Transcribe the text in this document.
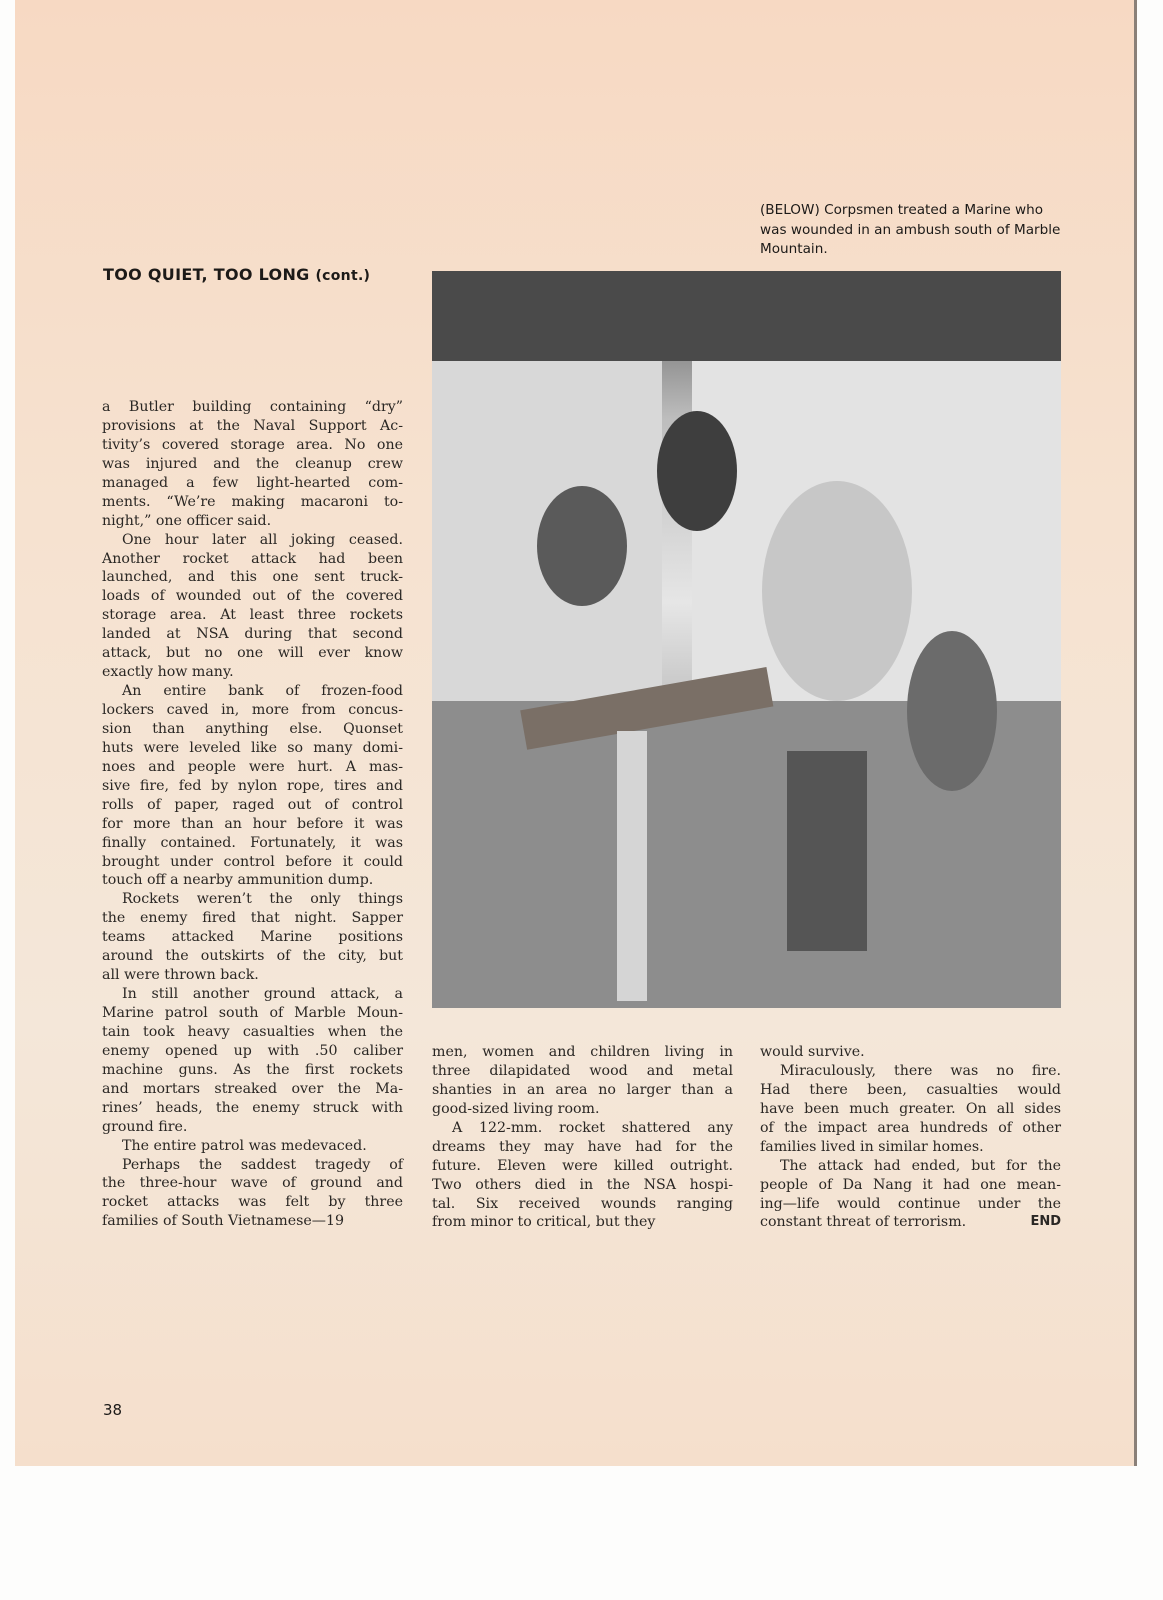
(BELOW) Corpsmen treated a Marine who was wounded in an ambush south of Marble Mountain.
TOO QUIET, TOO LONG (cont.)
a Butler building containing “dry”
provisions at the Naval Support Ac-
tivity’s covered storage area. No one
was injured and the cleanup crew
managed a few light-hearted com-
ments. “We’re making macaroni to-
night,” one officer said.
One hour later all joking ceased.
Another rocket attack had been
launched, and this one sent truck-
loads of wounded out of the covered
storage area. At least three rockets
landed at NSA during that second
attack, but no one will ever know
exactly how many.
An entire bank of frozen-food
lockers caved in, more from concus-
sion than anything else. Quonset
huts were leveled like so many domi-
noes and people were hurt. A mas-
sive fire, fed by nylon rope, tires and
rolls of paper, raged out of control
for more than an hour before it was
finally contained. Fortunately, it was
brought under control before it could
touch off a nearby ammunition dump.
Rockets weren’t the only things
the enemy fired that night. Sapper
teams attacked Marine positions
around the outskirts of the city, but
all were thrown back.
In still another ground attack, a
Marine patrol south of Marble Moun-
tain took heavy casualties when the
enemy opened up with .50 caliber
machine guns. As the first rockets
and mortars streaked over the Ma-
rines’ heads, the enemy struck with
ground fire.
The entire patrol was medevaced.
Perhaps the saddest tragedy of
the three-hour wave of ground and
rocket attacks was felt by three
families of South Vietnamese—19
men, women and children living in
three dilapidated wood and metal
shanties in an area no larger than a
good-sized living room.
A 122-mm. rocket shattered any
dreams they may have had for the
future. Eleven were killed outright.
Two others died in the NSA hospi-
tal. Six received wounds ranging
from minor to critical, but they
would survive.
Miraculously, there was no fire.
Had there been, casualties would
have been much greater. On all sides
of the impact area hundreds of other
families lived in similar homes.
The attack had ended, but for the
people of Da Nang it had one mean-
ing—life would continue under the
constant threat of terrorism.	END
38
